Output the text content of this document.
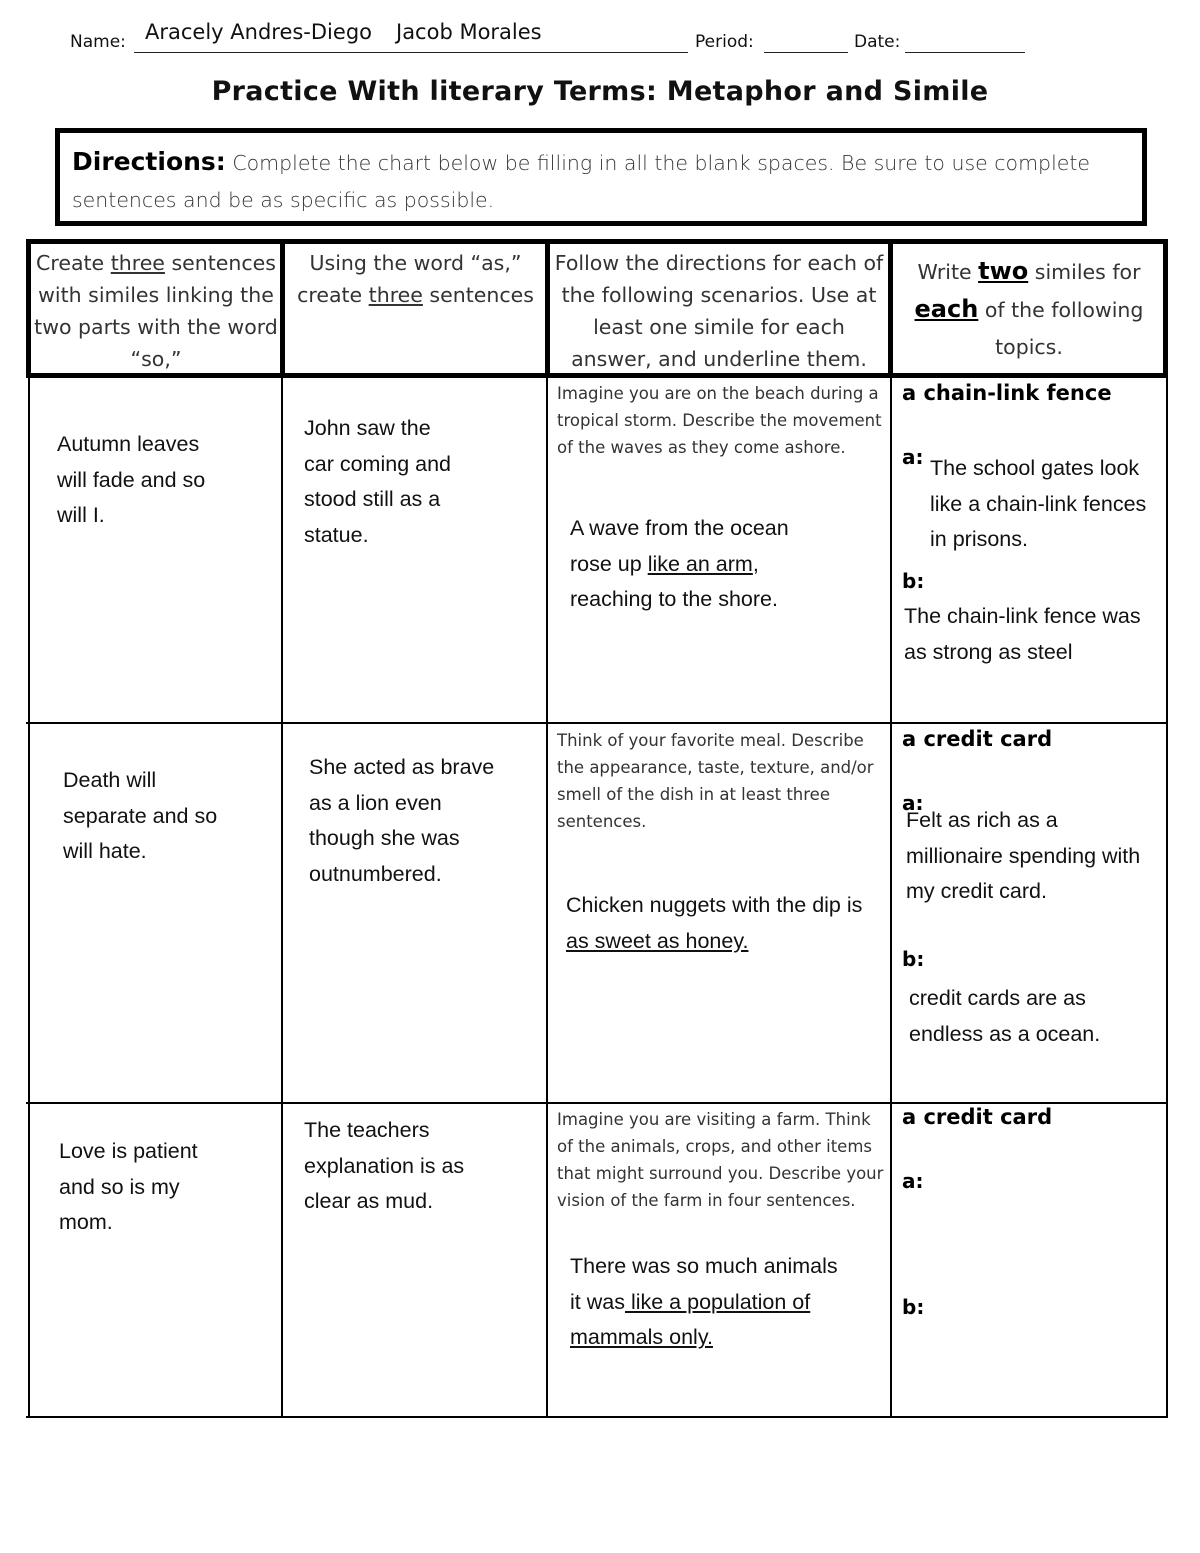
Name: Aracely Andres-Diego Jacob Morales	Period:	Date:
Practice With literary Terms: Metaphor and Simile
Directions: Complete the chart below be filling in all the blank spaces. Be sure to use complete sentences and be as specific as possible.
Create three sentences with similes linking the two parts with the word “so,”
Using the word “as,” create three sentences
Follow the directions for each of the following scenarios. Use at least one simile for each answer, and underline them.
Write two similes for each of the following topics.
Autumn leaves will fade and so will I.
John saw the car coming and stood still as a statue.
Imagine you are on the beach during a tropical storm. Describe the movement of the waves as they come ashore.
A wave from the ocean rose up like an arm, reaching to the shore.
a chain-link fence
a: The school gates look like a chain-link fences in prisons.
b:
The chain-link fence was as strong as steel
Death will separate and so will hate.
She acted as brave as a lion even though she was outnumbered.
Think of your favorite meal. Describe the appearance, taste, texture, and/or smell of the dish in at least three sentences.
Chicken nuggets with the dip is as sweet as honey.
a credit card
a:
Felt as rich as a millionaire spending with my credit card.
b:
credit cards are as endless as a ocean.
Love is patient and so is my mom.
The teachers explanation is as clear as mud.
Imagine you are visiting a farm. Think of the animals, crops, and other items that might surround you. Describe your vision of the farm in four sentences.
There was so much animals it was like a population of mammals only.
a credit card
a:
b:
